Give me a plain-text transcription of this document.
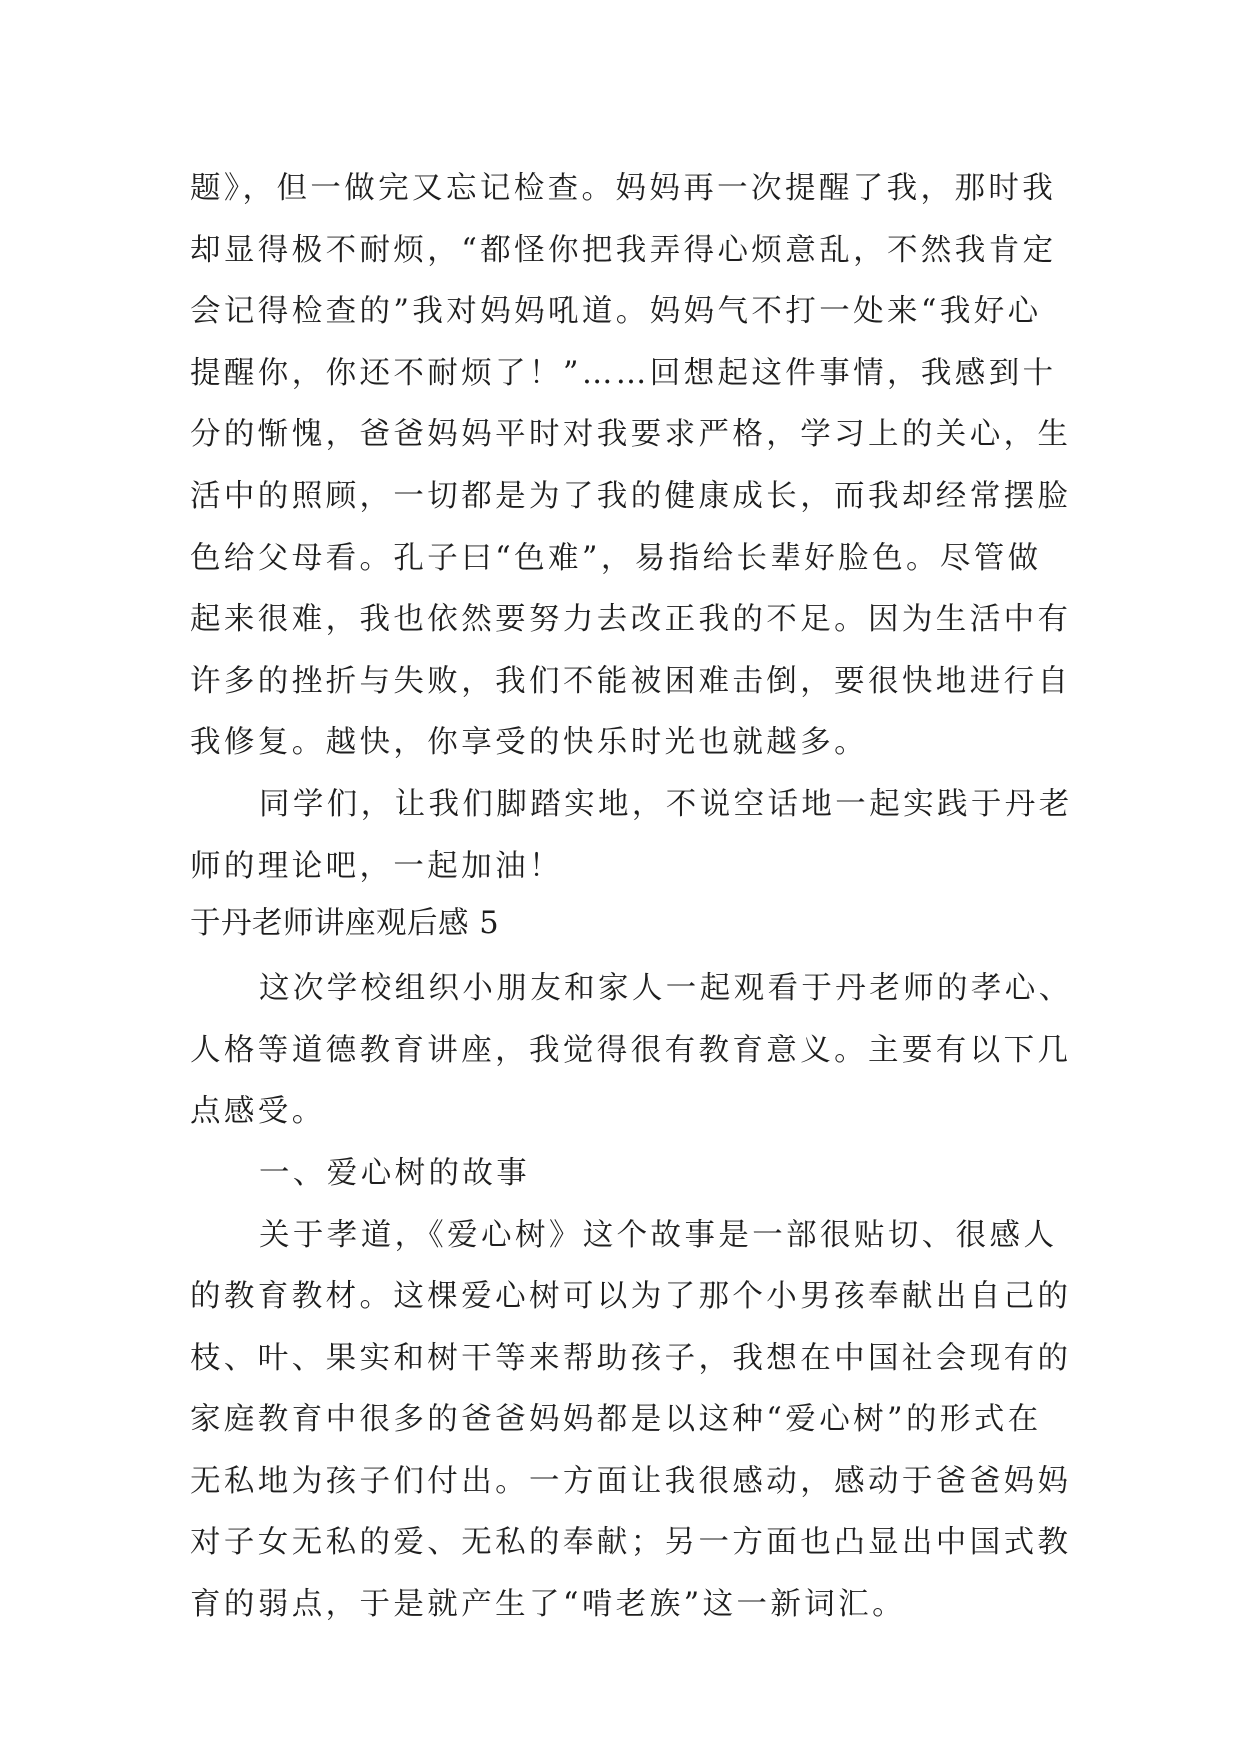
题》，但一做完又忘记检查。妈妈再一次提醒了我，那时我
却显得极不耐烦，“都怪你把我弄得心烦意乱，不然我肯定
会记得检查的”我对妈妈吼道。妈妈气不打一处来“我好心
提醒你，你还不耐烦了！”……回想起这件事情，我感到十
分的惭愧，爸爸妈妈平时对我要求严格，学习上的关心，生
活中的照顾，一切都是为了我的健康成长，而我却经常摆脸
色给父母看。孔子曰“色难”，易指给长辈好脸色。尽管做
起来很难，我也依然要努力去改正我的不足。因为生活中有
许多的挫折与失败，我们不能被困难击倒，要很快地进行自
我修复。越快，你享受的快乐时光也就越多。
同学们，让我们脚踏实地，不说空话地一起实践于丹老
师的理论吧，一起加油！
于丹老师讲座观后感 5
这次学校组织小朋友和家人一起观看于丹老师的孝心、
人格等道德教育讲座，我觉得很有教育意义。主要有以下几
点感受。
一、爱心树的故事
关于孝道，《爱心树》这个故事是一部很贴切、很感人
的教育教材。这棵爱心树可以为了那个小男孩奉献出自己的
枝、叶、果实和树干等来帮助孩子，我想在中国社会现有的
家庭教育中很多的爸爸妈妈都是以这种“爱心树”的形式在
无私地为孩子们付出。一方面让我很感动，感动于爸爸妈妈
对子女无私的爱、无私的奉献；另一方面也凸显出中国式教
育的弱点，于是就产生了“啃老族”这一新词汇。
